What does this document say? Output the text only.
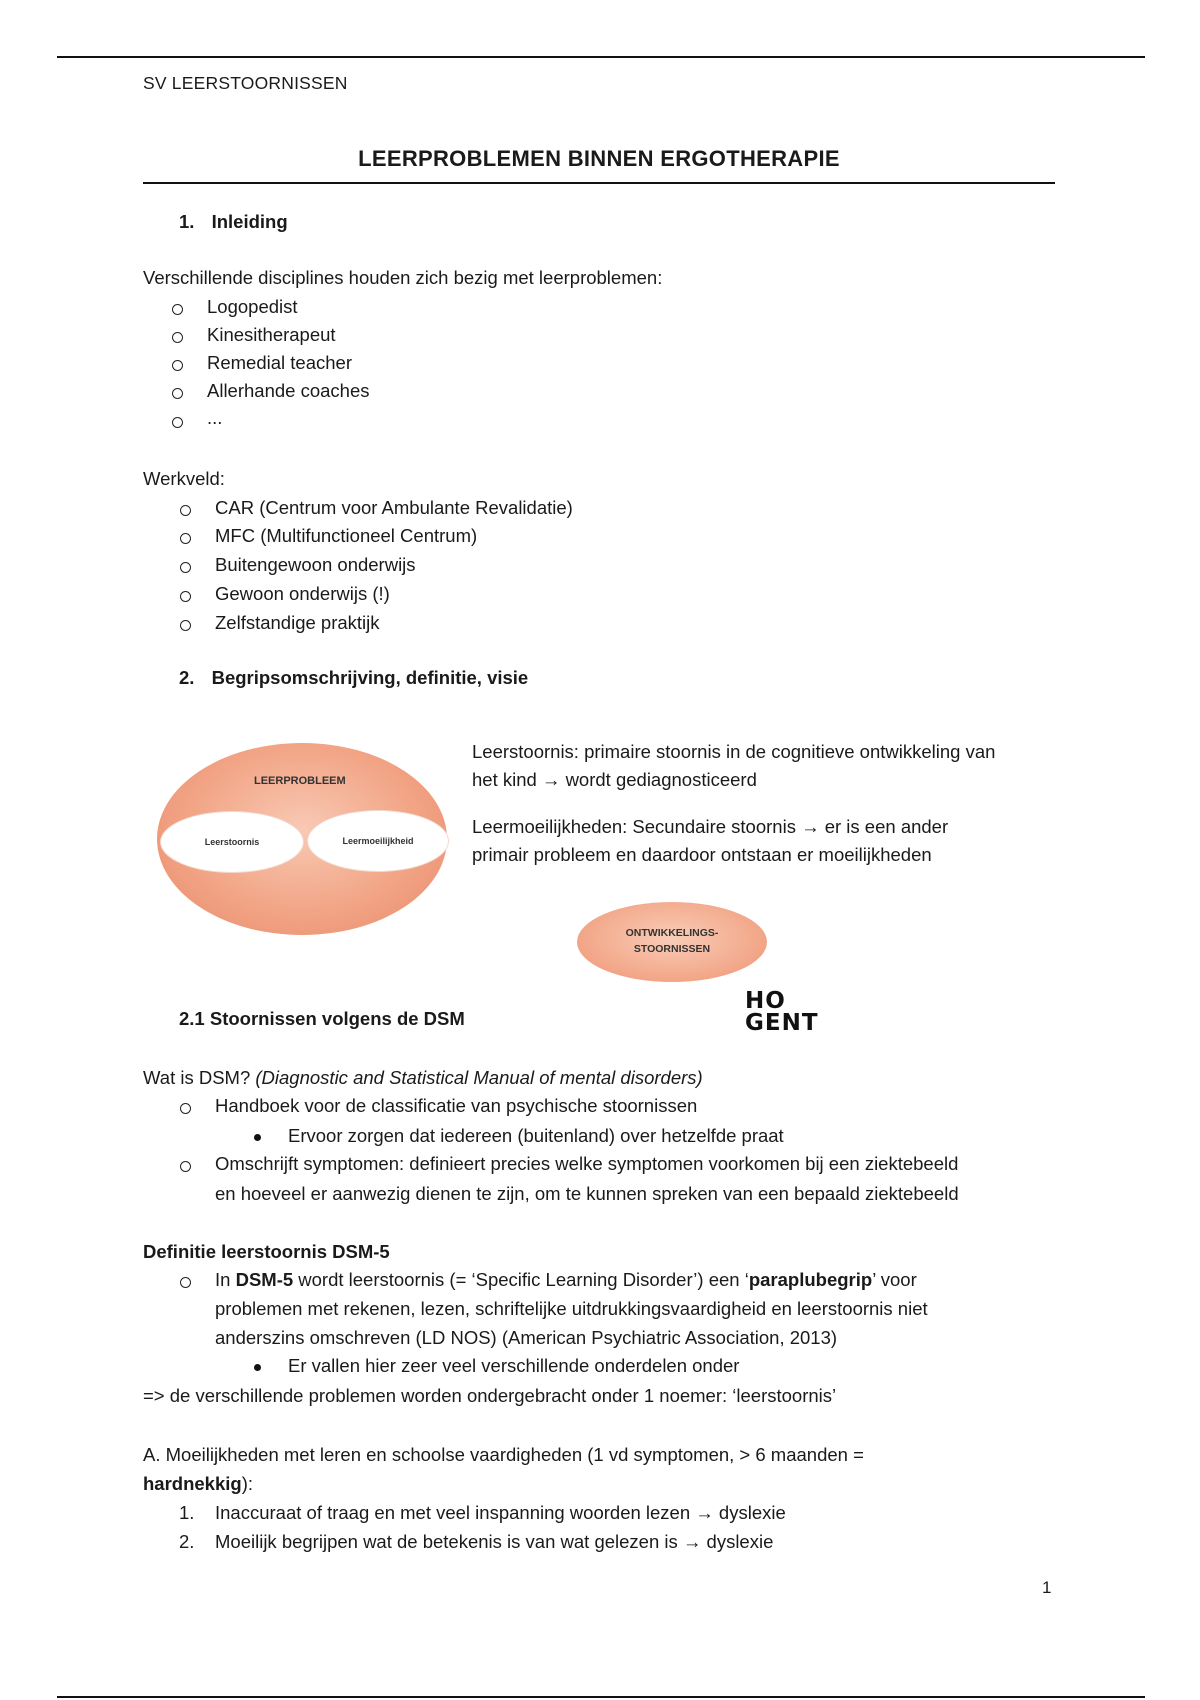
SV LEERSTOORNISSEN
LEERPROBLEMEN BINNEN ERGOTHERAPIE
1. Inleiding
Verschillende disciplines houden zich bezig met leerproblemen:
Logopedist
Kinesitherapeut
Remedial teacher
Allerhande coaches
...
Werkveld:
CAR (Centrum voor Ambulante Revalidatie)
MFC (Multifunctioneel Centrum)
Buitengewoon onderwijs
Gewoon onderwijs (!)
Zelfstandige praktijk
2. Begripsomschrijving, definitie, visie
LEERPROBLEEM
Leerstoornis	Leermoeilijkheid
Leerstoornis: primaire stoornis in de cognitieve ontwikkeling van
het kind → wordt gediagnosticeerd
Leermoeilijkheden: Secundaire stoornis → er is een ander
primair probleem en daardoor ontstaan er moeilijkheden
ONTWIKKELINGS-
STOORNISSEN
HO
GENT
2.1 Stoornissen volgens de DSM
Wat is DSM? (Diagnostic and Statistical Manual of mental disorders)
Handboek voor de classificatie van psychische stoornissen
Ervoor zorgen dat iedereen (buitenland) over hetzelfde praat
Omschrijft symptomen: definieert precies welke symptomen voorkomen bij een ziektebeeld
en hoeveel er aanwezig dienen te zijn, om te kunnen spreken van een bepaald ziektebeeld
Definitie leerstoornis DSM-5
In DSM-5 wordt leerstoornis (= ‘Specific Learning Disorder’) een ‘paraplubegrip’ voor
problemen met rekenen, lezen, schriftelijke uitdrukkingsvaardigheid en leerstoornis niet
anderszins omschreven (LD NOS) (American Psychiatric Association, 2013)
Er vallen hier zeer veel verschillende onderdelen onder
=> de verschillende problemen worden ondergebracht onder 1 noemer: ‘leerstoornis’
A. Moeilijkheden met leren en schoolse vaardigheden (1 vd symptomen, > 6 maanden =
hardnekkig):
1. Inaccuraat of traag en met veel inspanning woorden lezen → dyslexie
2. Moeilijk begrijpen wat de betekenis is van wat gelezen is → dyslexie
1
